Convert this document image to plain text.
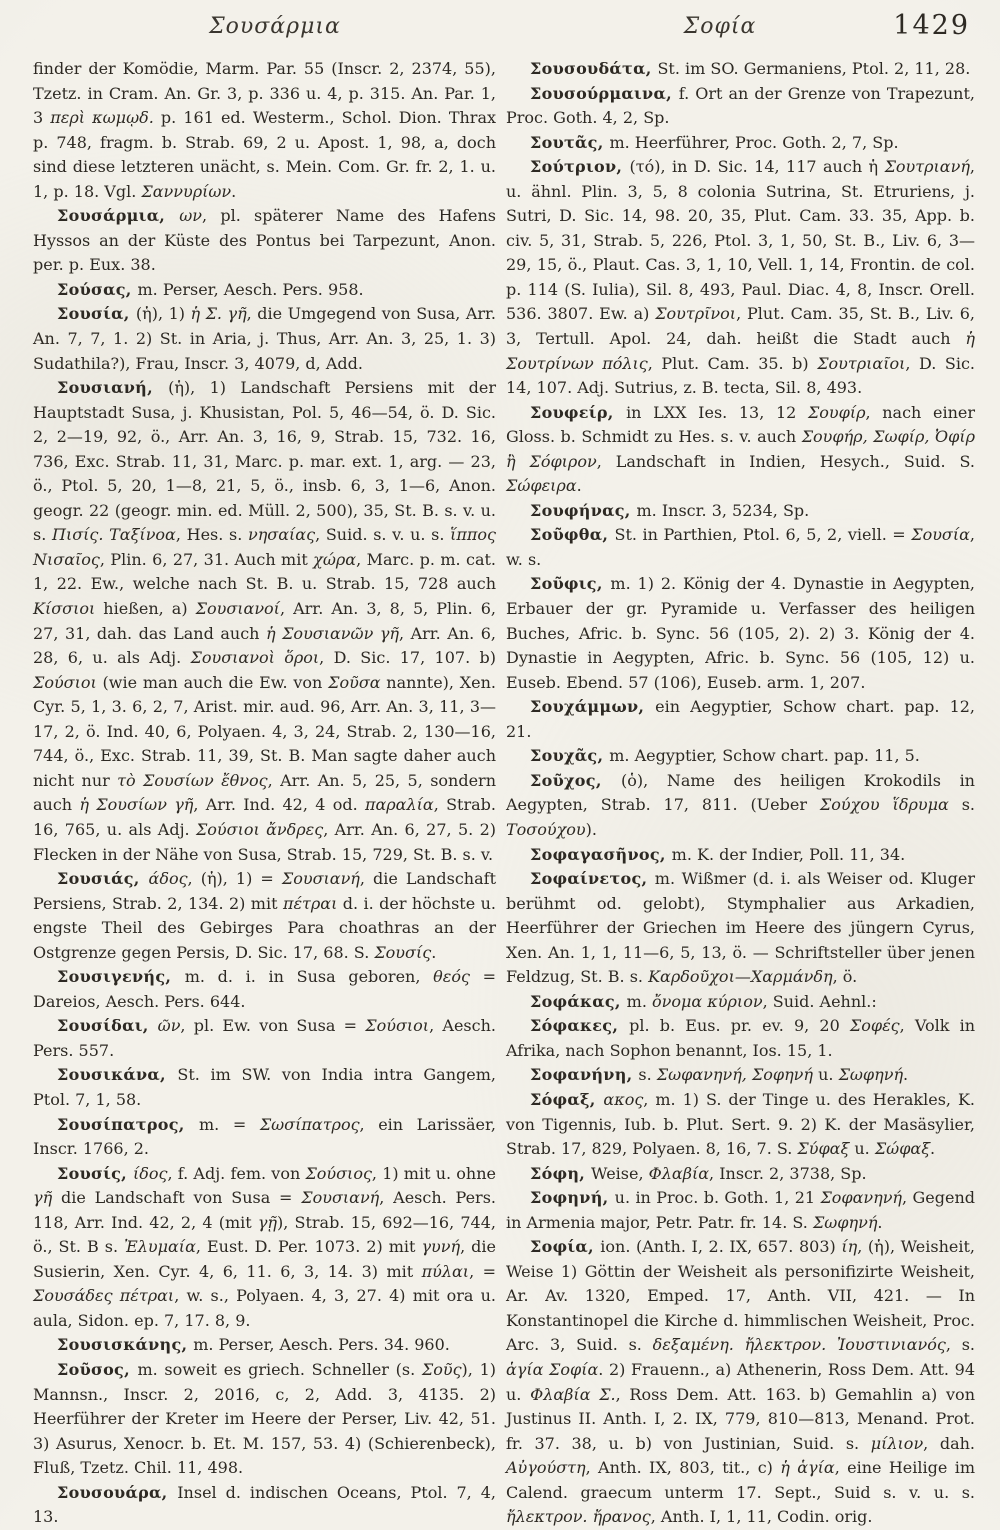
Σουσάρμια	Σοφία	1429

finder der Komödie, Marm. Par. 55 (Inscr. 2, 2374, 55), Tzetz. in Cram. An. Gr. 3, p. 336 u. 4, p. 315. An. Par. 1, 3 περὶ κωμῳδ. p. 161 ed. Westerm., Schol. Dion. Thrax p. 748, fragm. b. Strab. 69, 2 u. Apost. 1, 98, a, doch sind diese letzteren unächt, s. Mein. Com. Gr. fr. 2, 1. u. 1, p. 18. Vgl. Σαννυρίων.

Σουσάρμια, ων, pl. späterer Name des Hafens Hyssos an der Küste des Pontus bei Tarpezunt, Anon. per. p. Eux. 38.

Σούσας, m. Perser, Aesch. Pers. 958.

Σουσία, (ἡ), 1) ἡ Σ. γῆ, die Umgegend von Susa, Arr. An. 7, 7, 1. 2) St. in Aria, j. Thus, Arr. An. 3, 25, 1. 3) Sudathila?), Frau, Inscr. 3, 4079, d, Add.

Σουσιανή, (ἡ), 1) Landschaft Persiens mit der Hauptstadt Susa, j. Khusistan, Pol. 5, 46—54, ö. D. Sic. 2, 2—19, 92, ö., Arr. An. 3, 16, 9, Strab. 15, 732. 16, 736, Exc. Strab. 11, 31, Marc. p. mar. ext. 1, arg. — 23, ö., Ptol. 5, 20, 1—8, 21, 5, ö., insb. 6, 3, 1—6, Anon. geogr. 22 (geogr. min. ed. Müll. 2, 500), 35, St. B. s. v. u. s. Πισίς. Ταξίνοα, Hes. s. νησαίας, Suid. s. v. u. s. ἵππος Νισαῖος, Plin. 6, 27, 31. Auch mit χώρα, Marc. p. m. cat. 1, 22. Ew., welche nach St. B. u. Strab. 15, 728 auch Κίσσιοι hießen, a) Σουσιανοί, Arr. An. 3, 8, 5, Plin. 6, 27, 31, dah. das Land auch ἡ Σουσιανῶν γῆ, Arr. An. 6, 28, 6, u. als Adj. Σουσιανοὶ ὅροι, D. Sic. 17, 107. b) Σούσιοι (wie man auch die Ew. von Σοῦσα nannte), Xen. Cyr. 5, 1, 3. 6, 2, 7, Arist. mir. aud. 96, Arr. An. 3, 11, 3—17, 2, ö. Ind. 40, 6, Polyaen. 4, 3, 24, Strab. 2, 130—16, 744, ö., Exc. Strab. 11, 39, St. B. Man sagte daher auch nicht nur τὸ Σουσίων ἔθνος, Arr. An. 5, 25, 5, sondern auch ἡ Σουσίων γῆ, Arr. Ind. 42, 4 od. παραλία, Strab. 16, 765, u. als Adj. Σούσιοι ἄνδρες, Arr. An. 6, 27, 5. 2) Flecken in der Nähe von Susa, Strab. 15, 729, St. B. s. v.

Σουσιάς, άδος, (ἡ), 1) = Σουσιανή, die Landschaft Persiens, Strab. 2, 134. 2) mit πέτραι d. i. der höchste u. engste Theil des Gebirges Para choathras an der Ostgrenze gegen Persis, D. Sic. 17, 68. S. Σουσίς.

Σουσιγενής, m. d. i. in Susa geboren, θεός = Dareios, Aesch. Pers. 644.

Σουσίδαι, ῶν, pl. Ew. von Susa = Σούσιοι, Aesch. Pers. 557.

Σουσικάνα, St. im SW. von India intra Gangem, Ptol. 7, 1, 58.

Σουσίπατρος, m. = Σωσίπατρος, ein Larissäer, Inscr. 1766, 2.

Σουσίς, ίδος, f. Adj. fem. von Σούσιος, 1) mit u. ohne γῆ die Landschaft von Susa = Σουσιανή, Aesch. Pers. 118, Arr. Ind. 42, 2, 4 (mit γῇ), Strab. 15, 692—16, 744, ö., St. B s. Ἐλυμαία, Eust. D. Per. 1073. 2) mit γυνή, die Susierin, Xen. Cyr. 4, 6, 11. 6, 3, 14. 3) mit πύλαι, = Σουσάδες πέτραι, w. s., Polyaen. 4, 3, 27. 4) mit ora u. aula, Sidon. ep. 7, 17. 8, 9.

Σουσισκάνης, m. Perser, Aesch. Pers. 34. 960.

Σοῦσος, m. soweit es griech. Schneller (s. Σοῦς), 1) Mannsn., Inscr. 2, 2016, c, 2, Add. 3, 4135. 2) Heerführer der Kreter im Heere der Perser, Liv. 42, 51. 3) Asurus, Xenocr. b. Et. M. 157, 53. 4) (Schierenbeck), Fluß, Tzetz. Chil. 11, 498.

Σουσουάρα, Insel d. indischen Oceans, Ptol. 7, 4, 13.

Σουσουδάτα, St. im SO. Germaniens, Ptol. 2, 11, 28.

Σουσούρμαινα, f. Ort an der Grenze von Trapezunt, Proc. Goth. 4, 2, Sp.

Σουτᾶς, m. Heerführer, Proc. Goth. 2, 7, Sp.

Σούτριον, (τό), in D. Sic. 14, 117 auch ἡ Σουτριανή, u. ähnl. Plin. 3, 5, 8 colonia Sutrina, St. Etruriens, j. Sutri, D. Sic. 14, 98. 20, 35, Plut. Cam. 33. 35, App. b. civ. 5, 31, Strab. 5, 226, Ptol. 3, 1, 50, St. B., Liv. 6, 3—29, 15, ö., Plaut. Cas. 3, 1, 10, Vell. 1, 14, Frontin. de col. p. 114 (S. Iulia), Sil. 8, 493, Paul. Diac. 4, 8, Inscr. Orell. 536. 3807. Ew. a) Σουτρῖνοι, Plut. Cam. 35, St. B., Liv. 6, 3, Tertull. Apol. 24, dah. heißt die Stadt auch ἡ Σουτρίνων πόλις, Plut. Cam. 35. b) Σουτριαῖοι, D. Sic. 14, 107. Adj. Sutrius, z. B. tecta, Sil. 8, 493.

Σουφείρ, in LXX Ies. 13, 12 Σουφίρ, nach einer Gloss. b. Schmidt zu Hes. s. v. auch Σουφήρ, Σωφίρ, Ὀφίρ ἢ Σόφιρον, Landschaft in Indien, Hesych., Suid. S. Σώφειρα.

Σουφήνας, m. Inscr. 3, 5234, Sp.

Σοῦφθα, St. in Parthien, Ptol. 6, 5, 2, viell. = Σουσία, w. s.

Σοῦφις, m. 1) 2. König der 4. Dynastie in Aegypten, Erbauer der gr. Pyramide u. Verfasser des heiligen Buches, Afric. b. Sync. 56 (105, 2). 2) 3. König der 4. Dynastie in Aegypten, Afric. b. Sync. 56 (105, 12) u. Euseb. Ebend. 57 (106), Euseb. arm. 1, 207.

Σουχάμμων, ein Aegyptier, Schow chart. pap. 12, 21.

Σουχᾶς, m. Aegyptier, Schow chart. pap. 11, 5.

Σοῦχος, (ὁ), Name des heiligen Krokodils in Aegypten, Strab. 17, 811. (Ueber Σούχου ἵδρυμα s. Τοσούχου).

Σοφαγασῆνος, m. K. der Indier, Poll. 11, 34.

Σοφαίνετος, m. Wißmer (d. i. als Weiser od. Kluger berühmt od. gelobt), Stymphalier aus Arkadien, Heerführer der Griechen im Heere des jüngern Cyrus, Xen. An. 1, 1, 11—6, 5, 13, ö. — Schriftsteller über jenen Feldzug, St. B. s. Καρδοῦχοι—Χαρμάνδη, ö.

Σοφάκας, m. ὄνομα κύριον, Suid. Aehnl.:

Σόφακες, pl. b. Eus. pr. ev. 9, 20 Σοφές, Volk in Afrika, nach Sophon benannt, Ios. 15, 1.

Σοφανήνη, s. Σωφανηνή, Σοφηνή u. Σωφηνή.

Σόφαξ, ακος, m. 1) S. der Tinge u. des Herakles, K. von Tigennis, Iub. b. Plut. Sert. 9. 2) K. der Masäsylier, Strab. 17, 829, Polyaen. 8, 16, 7. S. Σύφαξ u. Σώφαξ.

Σόφη, Weise, Φλαβία, Inscr. 2, 3738, Sp.

Σοφηνή, u. in Proc. b. Goth. 1, 21 Σοφανηνή, Gegend in Armenia major, Petr. Patr. fr. 14. S. Σωφηνή.

Σοφία, ion. (Anth. I, 2. IX, 657. 803) ίη, (ἡ), Weisheit, Weise 1) Göttin der Weisheit als personifizirte Weisheit, Ar. Av. 1320, Emped. 17, Anth. VII, 421. — In Konstantinopel die Kirche d. himmlischen Weisheit, Proc. Arc. 3, Suid. s. δεξαμένη. ἤλεκτρον. Ἰουστινιανός, s. ἁγία Σοφία. 2) Frauenn., a) Athenerin, Ross Dem. Att. 94 u. Φλαβία Σ., Ross Dem. Att. 163. b) Gemahlin a) von Justinus II. Anth. I, 2. IX, 779, 810—813, Menand. Prot. fr. 37. 38, u. b) von Justinian, Suid. s. μίλιον, dah. Αὐγούστη, Anth. IX, 803, tit., c) ἡ ἁγία, eine Heilige im Calend. graecum unterm 17. Sept., Suid s. v. u. s. ἤλεκτρον. ἤρανος, Anth. I, 1, 11, Codin. orig.
